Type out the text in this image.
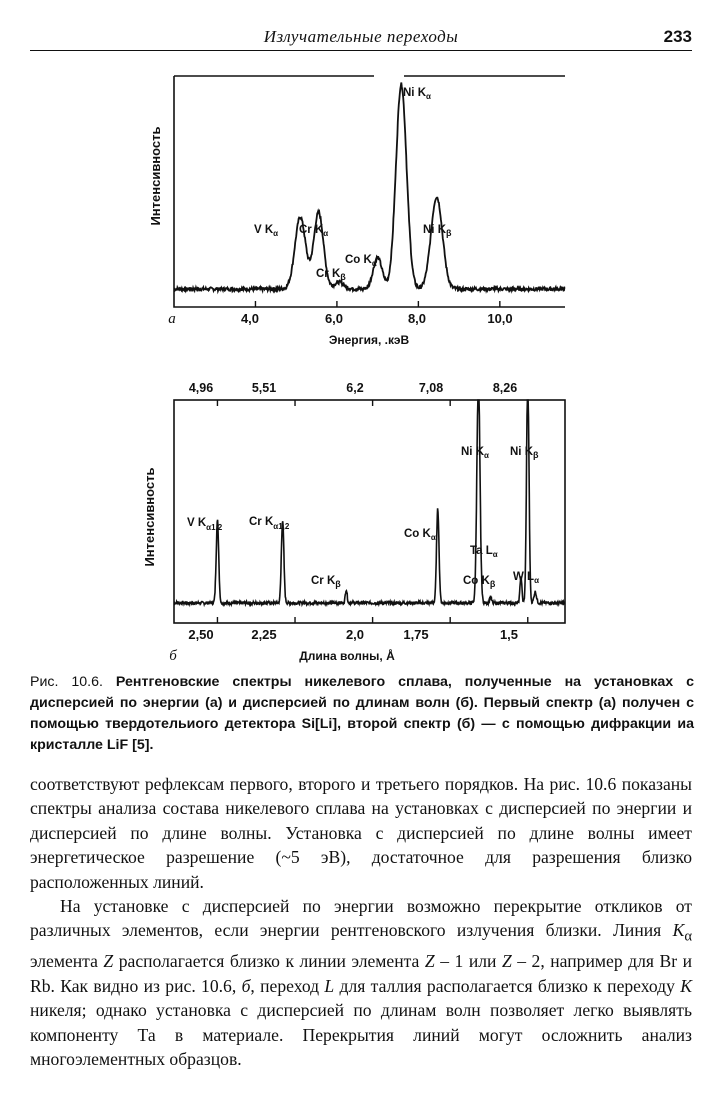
Излучательные переходы	233
Интенсивность
а	4,0	6,0	8,0	10,0
Энергия, .кэВ
V $K_\alpha$ Cr $K_\alpha$
Cr $K_\beta$
Co $K_\alpha$
Ni $K_\alpha$
Ni $K_\beta$
4,96	5,51	6,2	7,08	8,26
Интенсивность
2,50	2,25	2,0	1,75	1,5
б	Длина волны, Å
V $K_{\alpha 1,2}$ Cr $K_{\alpha 1,2}$
Cr $K_\beta$
Co $K_\alpha$
Ni $K_\alpha$ Ni $K_\beta$
Ta $L_\alpha$
Co $K_\beta$
W $L_\alpha$
Рис. 10.6. Рентгеновские спектры никелевого сплава, полученные на установках с дисперсией по энергии (а) и дисперсией по длинам волн (б). Первый спектр (а) получен с помощью твердотельиого детектора Si[Li], второй спектр (б) — с помощью дифракции иа кристалле LiF [5].

соответствуют рефлексам первого, второго и третьего порядков. На рис. 10.6 показаны спектры анализа состава никелевого сплава на установках с дисперсией по энергии и дисперсией по длине волны. Установка с дисперсией по длине волны имеет энергетическое разрешение (~5 эВ), достаточное для разрешения близко расположенных линий.

На установке с дисперсией по энергии возможно перекрытие откликов от различных элементов, если энергии рентгеновского излучения близки. Линия $K_\alpha$ элемента Z располагается близко к линии элемента Z – 1 или Z – 2, например для Br и Rb. Как видно из рис. 10.6, б, переход L для таллия располагается близко к переходу K никеля; однако установка с дисперсией по длинам волн позволяет легко выявлять компоненту Та в материале. Перекрытия линий могут осложнить анализ многоэлементных образцов.
